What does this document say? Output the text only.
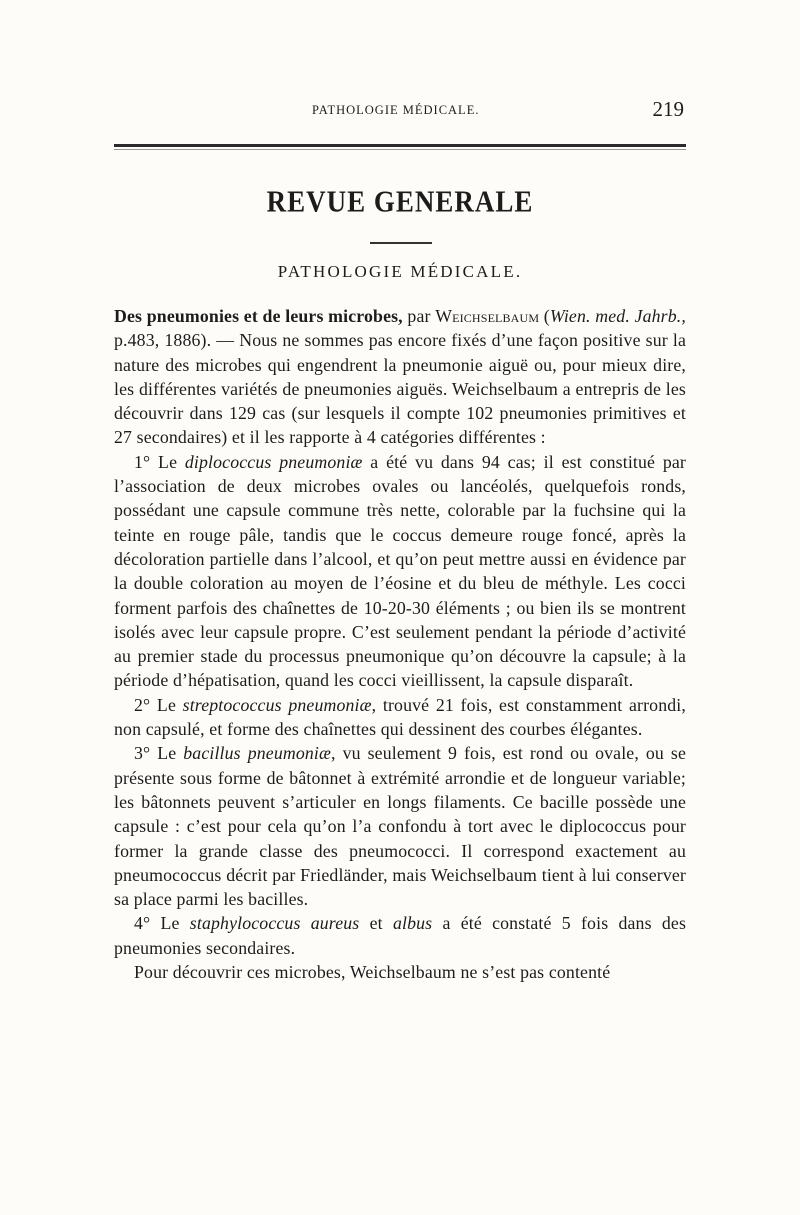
PATHOLOGIE MÉDICALE.	219
REVUE GENERALE
PATHOLOGIE MÉDICALE.

Des pneumonies et de leurs microbes, par Weichselbaum (Wien. med. Jahrb., p.483, 1886). — Nous ne sommes pas encore fixés d’une façon positive sur la nature des microbes qui engendrent la pneumonie aiguë ou, pour mieux dire, les différentes variétés de pneumonies aiguës. Weichselbaum a entrepris de les découvrir dans 129 cas (sur lesquels il compte 102 pneumonies primitives et 27 secondaires) et il les rapporte à 4 catégories différentes :

1° Le diplococcus pneumoniæ a été vu dans 94 cas; il est constitué par l’association de deux microbes ovales ou lancéolés, quelquefois ronds, possédant une capsule commune très nette, colorable par la fuchsine qui la teinte en rouge pâle, tandis que le coccus demeure rouge foncé, après la décoloration partielle dans l’alcool, et qu’on peut mettre aussi en évidence par la double coloration au moyen de l’éosine et du bleu de méthyle. Les cocci forment parfois des chaînettes de 10-20-30 éléments ; ou bien ils se montrent isolés avec leur capsule propre. C’est seulement pendant la période d’activité au premier stade du processus pneumonique qu’on découvre la capsule; à la période d’hépatisation, quand les cocci vieillissent, la capsule disparaît.

2° Le streptococcus pneumoniæ, trouvé 21 fois, est constamment arrondi, non capsulé, et forme des chaînettes qui dessinent des courbes élégantes.

3° Le bacillus pneumoniæ, vu seulement 9 fois, est rond ou ovale, ou se présente sous forme de bâtonnet à extrémité arrondie et de longueur variable; les bâtonnets peuvent s’articuler en longs filaments. Ce bacille possède une capsule : c’est pour cela qu’on l’a confondu à tort avec le diplococcus pour former la grande classe des pneumococci. Il correspond exactement au pneumococcus décrit par Friedländer, mais Weichselbaum tient à lui conserver sa place parmi les bacilles.

4° Le staphylococcus aureus et albus a été constaté 5 fois dans des pneumonies secondaires.

Pour découvrir ces microbes, Weichselbaum ne s’est pas contenté
